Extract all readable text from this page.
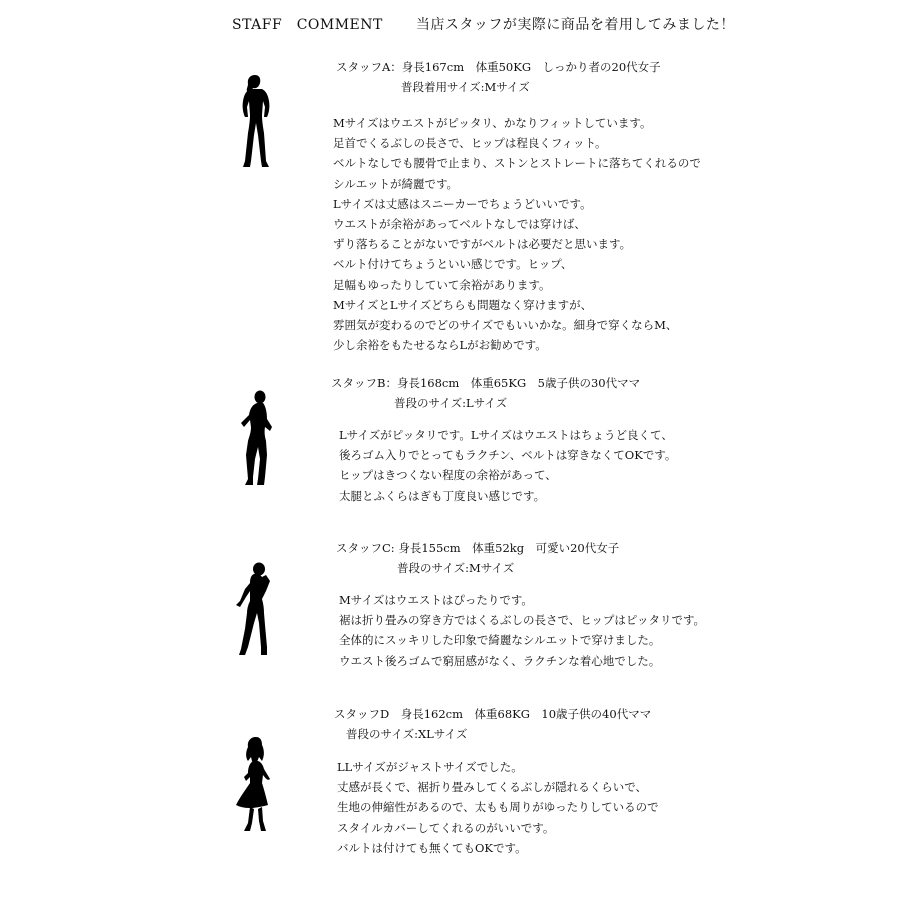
STAFF　COMMENT 当店スタッフが実際に商品を着用してみました！
スタッフA：身長167cm　体重50KG　しっかり者の20代女子
普段着用サイズ:Mサイズ
Mサイズはウエストがピッタリ、かなりフィットしています。
足首でくるぶしの長さで、ヒップは程良くフィット。
ベルトなしでも腰骨で止まり、ストンとストレートに落ちてくれるので
シルエットが綺麗です。
Lサイズは丈感はスニーカーでちょうどいいです。
ウエストが余裕があってベルトなしでは穿けば、
ずり落ちることがないですがベルトは必要だと思います。
ベルト付けてちょうといい感じです。ヒップ、
足幅もゆったりしていて余裕があります。
MサイズとLサイズどちらも問題なく穿けますが、
雰囲気が変わるのでどのサイズでもいいかな。細身で穿くならM、
少し余裕をもたせるならLがお勧めです。
スタッフB：身長168cm　体重65KG　5歳子供の30代ママ
普段のサイズ:Lサイズ
Lサイズがピッタリです。Lサイズはウエストはちょうど良くて、
後ろゴム入りでとってもラクチン、ベルトは穿きなくてOKです。
ヒップはきつくない程度の余裕があって、
太腿とふくらはぎも丁度良い感じです。
スタッフC: 身長155cm　体重52kg　可愛い20代女子
普段のサイズ:Mサイズ
Mサイズはウエストはぴったりです。
裾は折り畳みの穿き方ではくるぶしの長さで、ヒップはピッタリです。
全体的にスッキリした印象で綺麗なシルエットで穿けました。
ウエスト後ろゴムで窮屈感がなく、ラクチンな着心地でした。
スタッフD　身長162cm　体重68KG　10歳子供の40代ママ
普段のサイズ:XLサイズ
LLサイズがジャストサイズでした。
丈感が長くで、裾折り畳みしてくるぶしが隠れるくらいで、
生地の伸縮性があるので、太もも周りがゆったりしているので
スタイルカバーしてくれるのがいいです。
バルトは付けても無くてもOKです。
